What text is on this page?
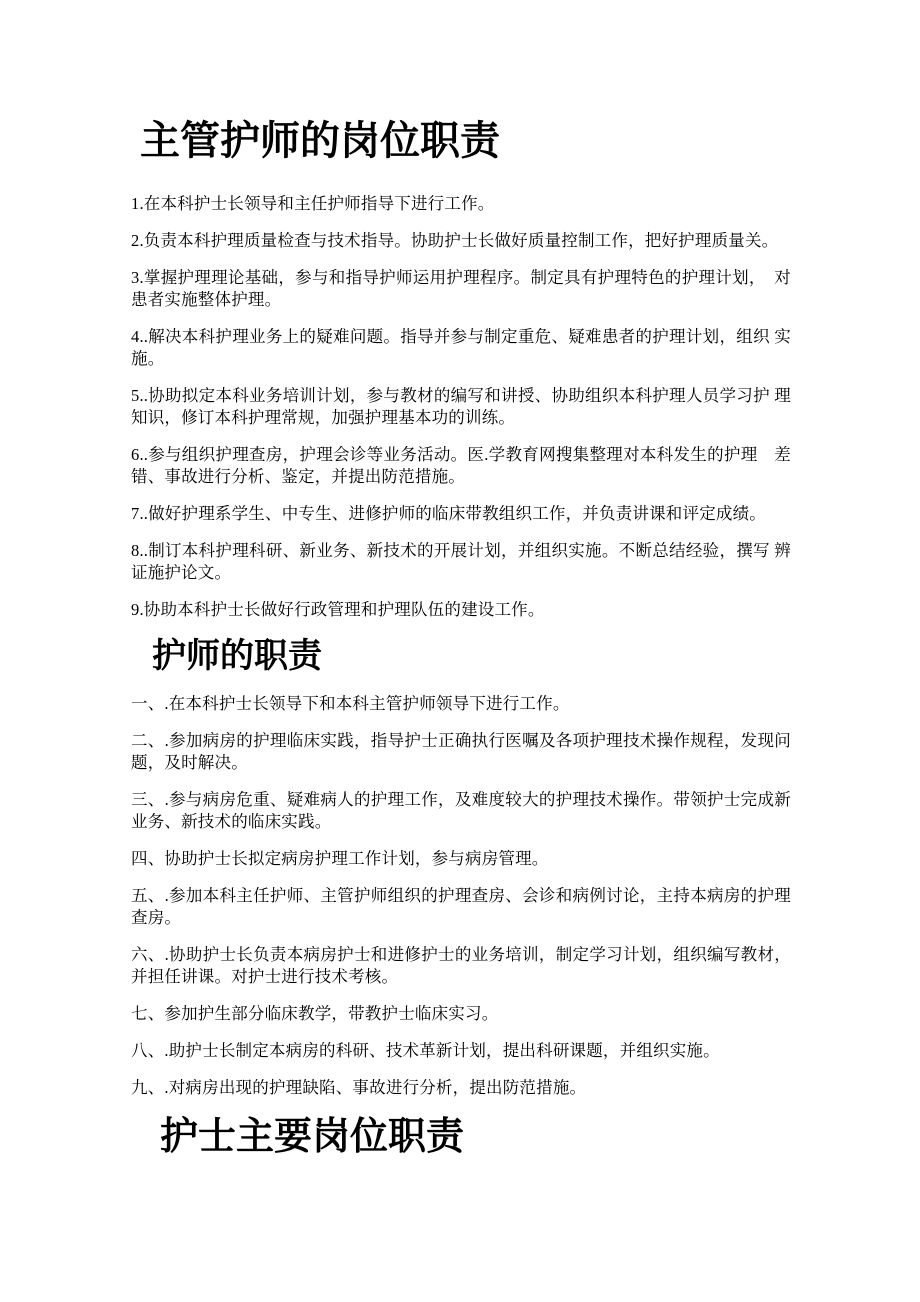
主管护师的岗位职责

1.在本科护士长领导和主任护师指导下进行工作。

2.负责本科护理质量检查与技术指导。协助护士长做好质量控制工作，把好护理质量关。

3.掌握护理理论基础，参与和指导护师运用护理程序。制定具有护理特色的护理计划，　对患者实施整体护理。

4..解决本科护理业务上的疑难问题。指导并参与制定重危、疑难患者的护理计划，组织 实施。

5..协助拟定本科业务培训计划，参与教材的编写和讲授、协助组织本科护理人员学习护 理知识，修订本科护理常规，加强护理基本功的训练。

6..参与组织护理查房，护理会诊等业务活动。医.学教育网搜集整理对本科发生的护理　差错、事故进行分析、鉴定，并提出防范措施。

7..做好护理系学生、中专生、进修护师的临床带教组织工作，并负责讲课和评定成绩。

8..制订本科护理科研、新业务、新技术的开展计划，并组织实施。不断总结经验，撰写 辨证施护论文。

9.协助本科护士长做好行政管理和护理队伍的建设工作。

护师的职责

一、.在本科护士长领导下和本科主管护师领导下进行工作。

二、.参加病房的护理临床实践，指导护士正确执行医嘱及各项护理技术操作规程，发现问题，及时解决。

三、.参与病房危重、疑难病人的护理工作，及难度较大的护理技术操作。带领护士完成新业务、新技术的临床实践。

四、协助护士长拟定病房护理工作计划，参与病房管理。

五、.参加本科主任护师、主管护师组织的护理查房、会诊和病例讨论，主持本病房的护理查房。

六、.协助护士长负责本病房护士和进修护士的业务培训，制定学习计划，组织编写教材，并担任讲课。对护士进行技术考核。

七、参加护生部分临床教学，带教护士临床实习。

八、.助护士长制定本病房的科研、技术革新计划，提出科研课题，并组织实施。

九、.对病房出现的护理缺陷、事故进行分析，提出防范措施。

护士主要岗位职责
